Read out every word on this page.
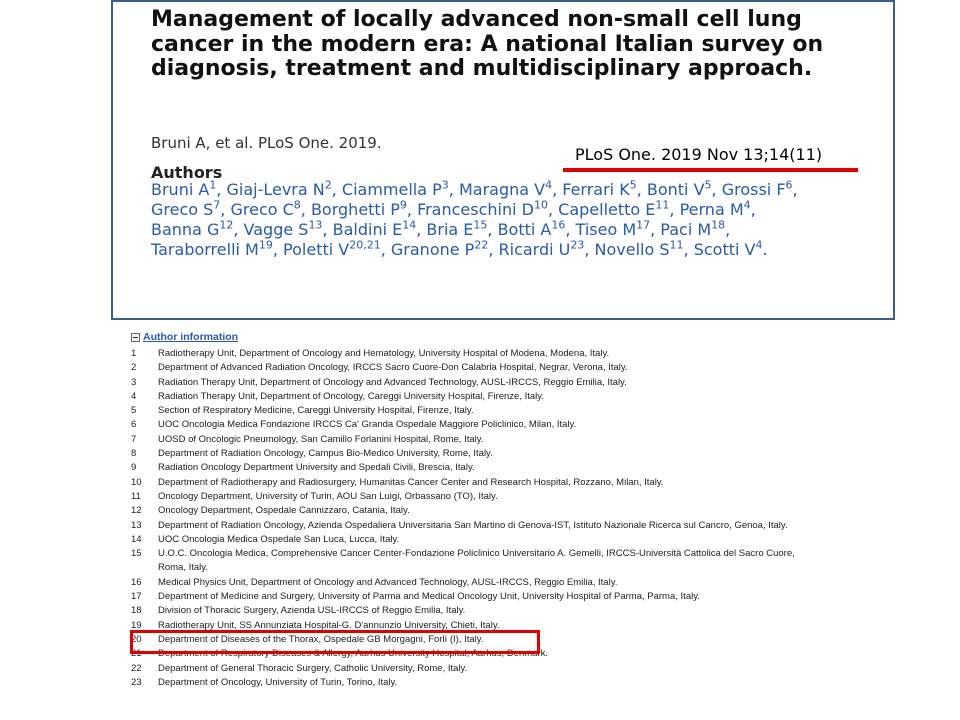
Management of locally advanced non-small cell lung cancer in the modern era: A national Italian survey on diagnosis, treatment and multidisciplinary approach.
Bruni A, et al. PLoS One. 2019.
Authors
Bruni $A^1$, Giaj-Levra $N^2$, Ciammella $P^3$, Maragna $V^4$, Ferrari $K^5$, Bonti $V^5$, Grossi $F^6$, Greco $S^7$, Greco $C^8$, Borghetti $P^9$, Franceschini $D^{10}$, Capelletto $E^{11}$, Perna $M^4$, Banna $G^{12}$, Vagge $S^{13}$, Baldini $E^{14}$, Bria $E^{15}$, Botti $A^{16}$, Tiseo $M^{17}$, Paci $M^{18}$, Taraborrelli $M^{19}$, Poletti V$^{20,21}$, Granone $P^{22}$, Ricardi $U^{23}$, Novello $S^{11}$, Scotti $V^4$.
PLoS One. 2019 Nov 13;14(11)
Author information
1	Radiotherapy Unit, Department of Oncology and Hematology, University Hospital of Modena, Modena, Italy.
2	Department of Advanced Radiation Oncology, IRCCS Sacro Cuore-Don Calabria Hospital, Negrar, Verona, Italy.
3	Radiation Therapy Unit, Department of Oncology and Advanced Technology, AUSL-IRCCS, Reggio Emilia, Italy.
4	Radiation Therapy Unit, Department of Oncology, Careggi University Hospital, Firenze, Italy.
5	Section of Respiratory Medicine, Careggi University Hospital, Firenze, Italy.
6	UOC Oncologia Medica Fondazione IRCCS Ca' Granda Ospedale Maggiore Policlinico, Milan, Italy.
7	UOSD of Oncologic Pneumology, San Camillo Forlanini Hospital, Rome, Italy.
8	Department of Radiation Oncology, Campus Bio-Medico University, Rome, Italy.
9	Radiation Oncology Department University and Spedali Civili, Brescia, Italy.
10	Department of Radiotherapy and Radiosurgery, Humanitas Cancer Center and Research Hospital, Rozzano, Milan, Italy.
11	Oncology Department, University of Turin, AOU San Luigi, Orbassano (TO), Italy.
12	Oncology Department, Ospedale Cannizzaro, Catania, Italy.
13	Department of Radiation Oncology, Azienda Ospedaliera Universitaria San Martino di Genova-IST, Istituto Nazionale Ricerca sul Cancro, Genoa, Italy.
14	UOC Oncologia Medica Ospedale San Luca, Lucca, Italy.
15	U.O.C. Oncologia Medica, Comprehensive Cancer Center-Fondazione Policlinico Universitario A. Gemelli, IRCCS-Università Cattolica del Sacro Cuore, Roma, Italy.
16	Medical Physics Unit, Department of Oncology and Advanced Technology, AUSL-IRCCS, Reggio Emilia, Italy.
17	Department of Medicine and Surgery, University of Parma and Medical Oncology Unit, University Hospital of Parma, Parma, Italy.
18	Division of Thoracic Surgery, Azienda USL-IRCCS of Reggio Emilia, Italy.
19	Radiotherapy Unit, SS Annunziata Hospital-G. D'annunzio University, Chieti, Italy.
20	Department of Diseases of the Thorax, Ospedale GB Morgagni, Forlì (I), Italy.
21	Department of Respiratory Diseases & Allergy, Aarhus University Hospital, Aarhus, Denmark.
22	Department of General Thoracic Surgery, Catholic University, Rome, Italy.
23	Department of Oncology, University of Turin, Torino, Italy.
